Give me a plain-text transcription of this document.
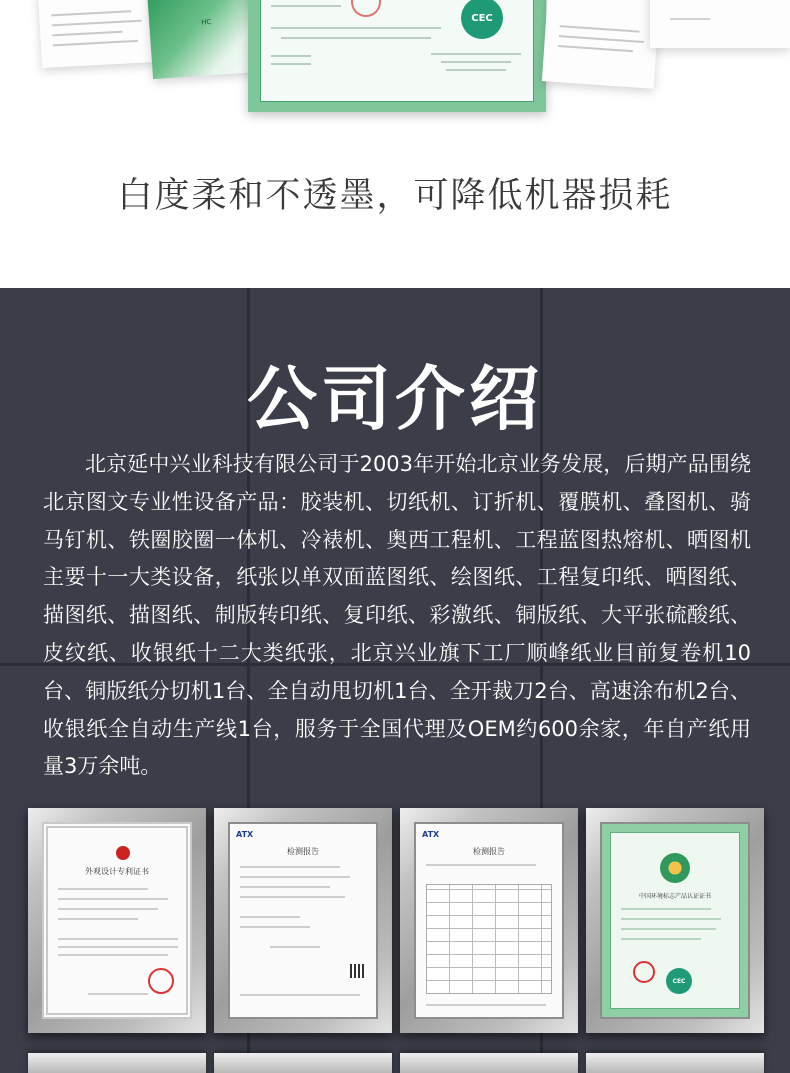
HC	CEC
白度柔和不透墨，可降低机器损耗
公司介绍
北京延中兴业科技有限公司于2003年开始北京业务发展，后期产品围绕北京图文专业性设备产品：胶装机、切纸机、订折机、覆膜机、叠图机、骑马钉机、铁圈胶圈一体机、冷裱机、奥西工程机、工程蓝图热熔机、晒图机主要十一大类设备，纸张以单双面蓝图纸、绘图纸、工程复印纸、晒图纸、描图纸、描图纸、制版转印纸、复印纸、彩激纸、铜版纸、大平张硫酸纸、皮纹纸、收银纸十二大类纸张，北京兴业旗下工厂顺峰纸业目前复卷机10台、铜版纸分切机1台、全自动甩切机1台、全开裁刀2台、高速涂布机2台、收银纸全自动生产线1台，服务于全国代理及OEM约600余家，年自产纸用量3万余吨。
外观设计专利证书
ATX
检测报告
ATX
检测报告
中国环境标志产品认证证书
CEC
